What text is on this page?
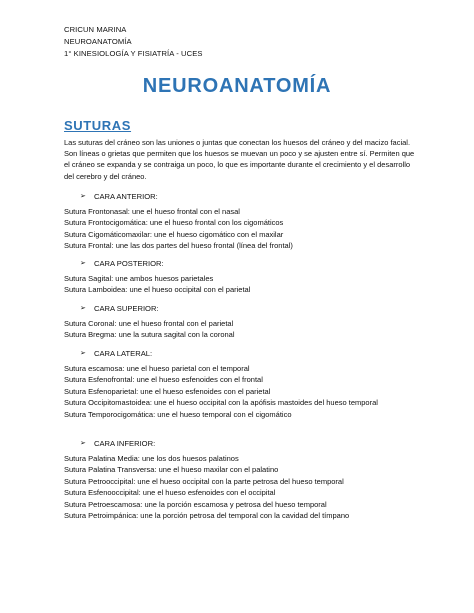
CRICUN MARINA
NEUROANATOMÍA
1° KINESIOLOGÍA Y FISIATRÍA - UCES
NEUROANATOMÍA
SUTURAS
Las suturas del cráneo son las uniones o juntas que conectan los huesos del cráneo y del macizo facial. Son líneas o grietas que permiten que los huesos se muevan un poco y se ajusten entre sí. Permiten que el cráneo se expanda y se contraiga un poco, lo que es importante durante el crecimiento y el desarrollo del cerebro y del cráneo.
➢ CARA ANTERIOR:
Sutura Frontonasal: une el hueso frontal con el nasal
Sutura Frontocigomática: une el hueso frontal con los cigomáticos
Sutura Cigomáticomaxilar: une el hueso cigomático con el maxilar
Sutura Frontal: une las dos partes del hueso frontal (línea del frontal)
➢ CARA POSTERIOR:
Sutura Sagital: une ambos huesos parietales
Sutura Lamboidea: une el hueso occipital con el parietal
➢ CARA SUPERIOR:
Sutura Coronal: une el hueso frontal con el parietal
Sutura Bregma: une la sutura sagital con la coronal
➢ CARA LATERAL:
Sutura escamosa: une el hueso parietal con el temporal
Sutura Esfenofrontal: une el hueso esfenoides con el frontal
Sutura Esfenoparietal: une el hueso esfenoides con el parietal
Sutura Occipitomastoidea: une el hueso occipital con la apófisis mastoides del hueso temporal
Sutura Temporocigomática: une el hueso temporal con el cigomático
➢ CARA INFERIOR:
Sutura Palatina Media: une los dos huesos palatinos
Sutura Palatina Transversa: une el hueso maxilar con el palatino
Sutura Petrooccipital: une el hueso occipital con la parte petrosa del hueso temporal
Sutura Esfenooccipital: une el hueso esfenoides con el occipital
Sutura Petroescamosa: une la porción escamosa y petrosa del hueso temporal
Sutura Petroimpánica: une la porción petrosa del temporal con la cavidad del tímpano
